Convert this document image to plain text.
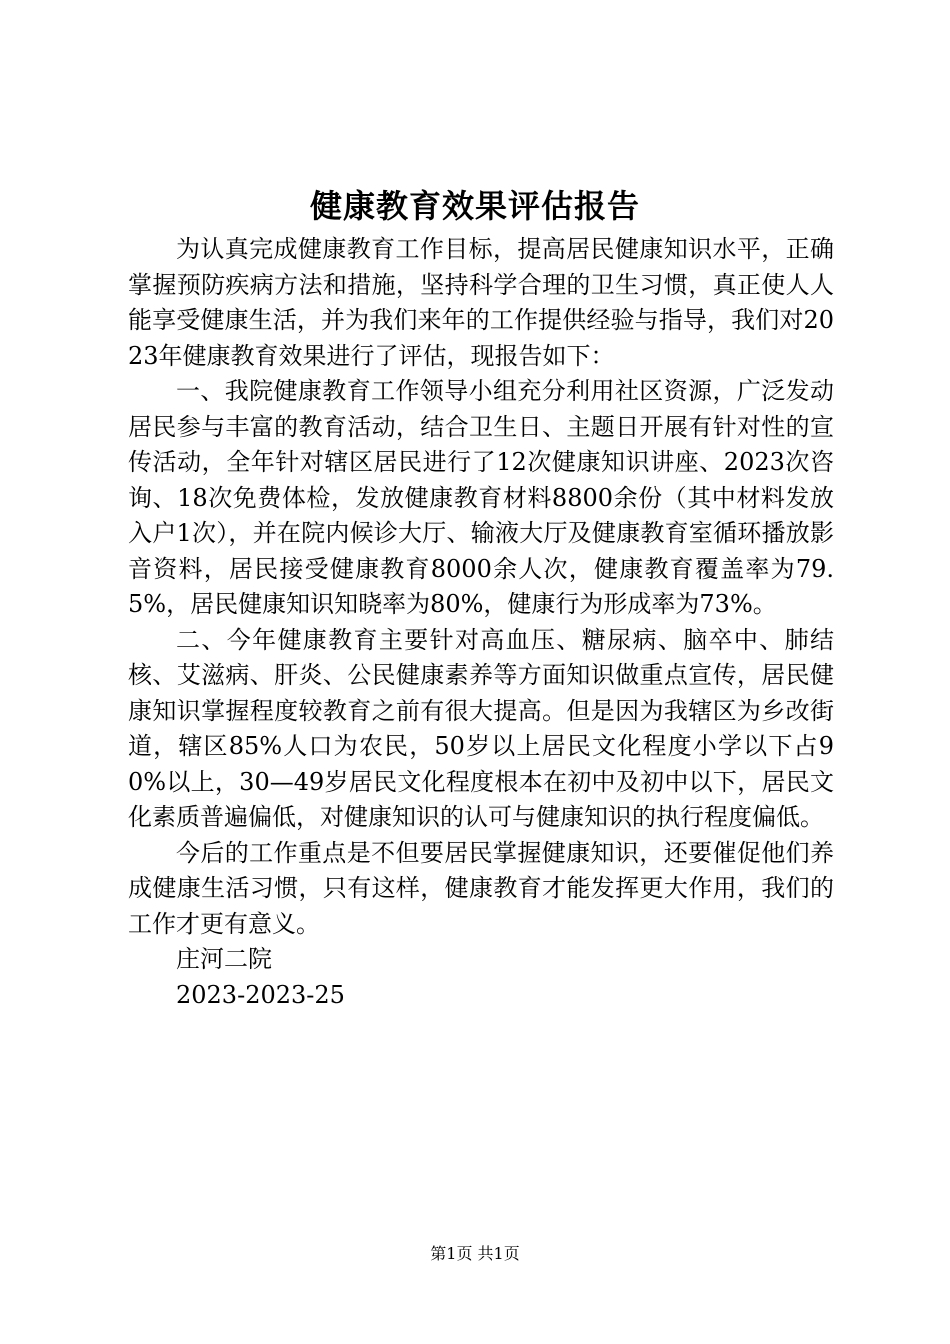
健康教育效果评估报告

为认真完成健康教育工作目标，提高居民健康知识水平，正确掌握预防疾病方法和措施，坚持科学合理的卫生习惯，真正使人人能享受健康生活，并为我们来年的工作提供经验与指导，我们对2023年健康教育效果进行了评估，现报告如下：

一、我院健康教育工作领导小组充分利用社区资源，广泛发动居民参与丰富的教育活动，结合卫生日、主题日开展有针对性的宣传活动，全年针对辖区居民进行了12次健康知识讲座、2023次咨询、18次免费体检，发放健康教育材料8800余份（其中材料发放入户1次），并在院内候诊大厅、输液大厅及健康教育室循环播放影音资料，居民接受健康教育8000余人次，健康教育覆盖率为79.5%，居民健康知识知晓率为80%，健康行为形成率为73%。

二、今年健康教育主要针对高血压、糖尿病、脑卒中、肺结核、艾滋病、肝炎、公民健康素养等方面知识做重点宣传，居民健康知识掌握程度较教育之前有很大提高。但是因为我辖区为乡改街道，辖区85%人口为农民，50岁以上居民文化程度小学以下占90%以上，30—49岁居民文化程度根本在初中及初中以下，居民文化素质普遍偏低，对健康知识的认可与健康知识的执行程度偏低。

今后的工作重点是不但要居民掌握健康知识，还要催促他们养成健康生活习惯，只有这样，健康教育才能发挥更大作用，我们的工作才更有意义。

庄河二院

2023-2023-25

第1页 共1页
